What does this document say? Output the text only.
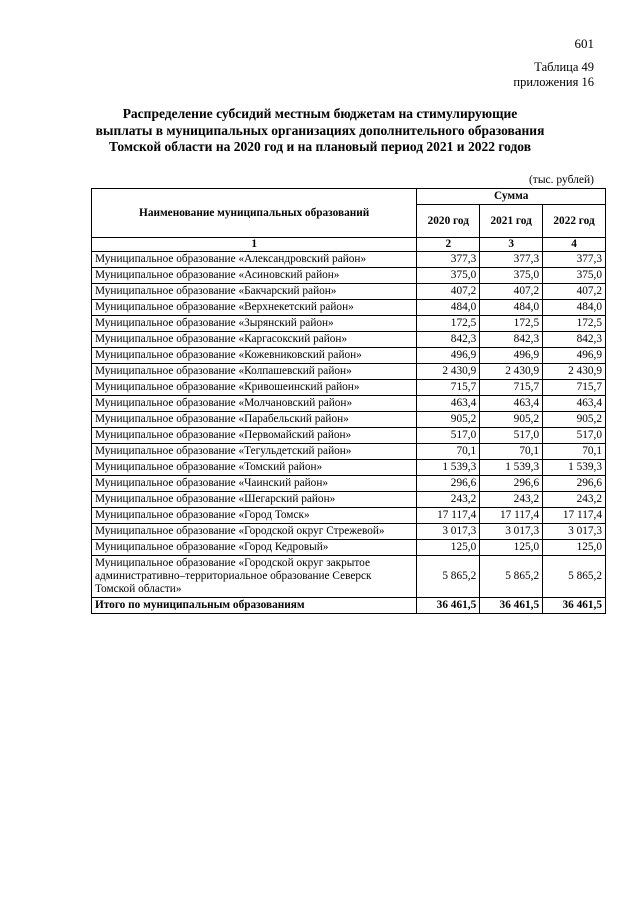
601
Таблица 49
приложения 16
Распределение субсидий местным бюджетам на стимулирующие выплаты в муниципальных организациях дополнительного образования Томской области на 2020 год и на плановый период 2021 и 2022 годов
(тыс. рублей)
Наименование муниципальных образований	Сумма		
	2020 год	2021 год	2022 год
1	2	3	4
Муниципальное образование «Александровский район»	377,3	377,3	377,3
Муниципальное образование «Асиновский район»	375,0	375,0	375,0
Муниципальное образование «Бакчарский район»	407,2	407,2	407,2
Муниципальное образование «Верхнекетский район»	484,0	484,0	484,0
Муниципальное образование «Зырянский район»	172,5	172,5	172,5
Муниципальное образование «Каргасокский район»	842,3	842,3	842,3
Муниципальное образование «Кожевниковский район»	496,9	496,9	496,9
Муниципальное образование «Колпашевский район»	2 430,9	2 430,9	2 430,9
Муниципальное образование «Кривошеинский район»	715,7	715,7	715,7
Муниципальное образование «Молчановский район»	463,4	463,4	463,4
Муниципальное образование «Парабельский район»	905,2	905,2	905,2
Муниципальное образование «Первомайский район»	517,0	517,0	517,0
Муниципальное образование «Тегульдетский район»	70,1	70,1	70,1
Муниципальное образование «Томский район»	1 539,3	1 539,3	1 539,3
Муниципальное образование «Чаинский район»	296,6	296,6	296,6
Муниципальное образование «Шегарский район»	243,2	243,2	243,2
Муниципальное образование «Город Томск»	17 117,4	17 117,4	17 117,4
Муниципальное образование «Городской округ Стрежевой»	3 017,3	3 017,3	3 017,3
Муниципальное образование «Город Кедровый»	125,0	125,0	125,0
Муниципальное образование «Городской округ закрытое административно–территориальное образование Северск Томской области»	5 865,2	5 865,2	5 865,2
Итого по муниципальным образованиям	36 461,5	36 461,5	36 461,5
